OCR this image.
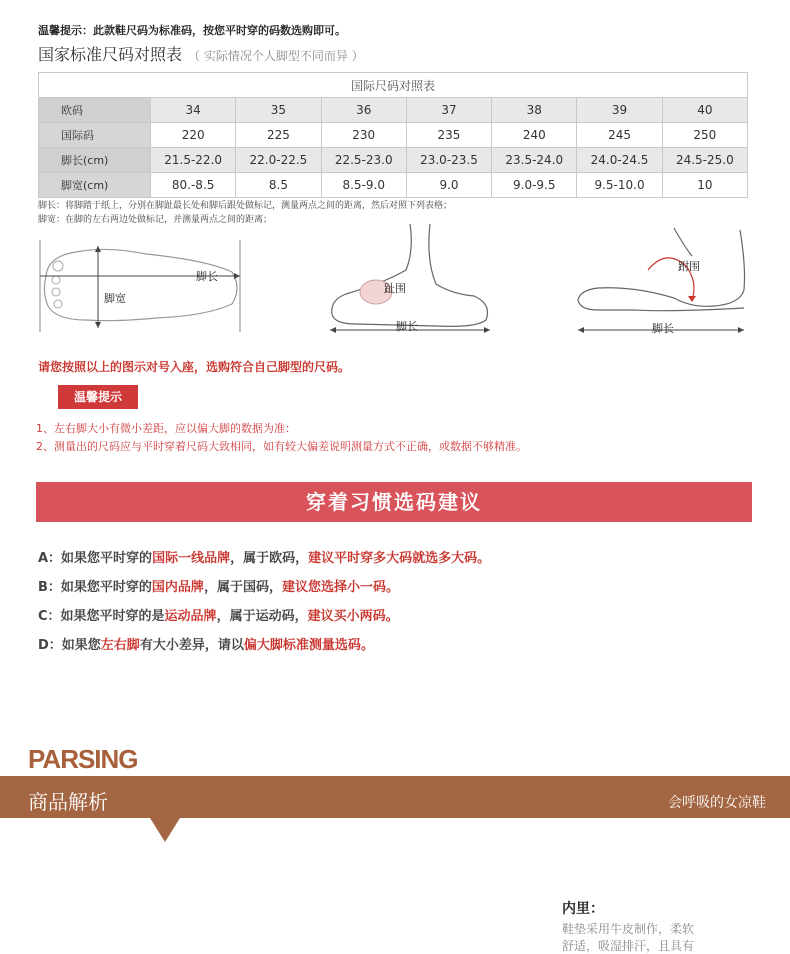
温馨提示：此款鞋尺码为标准码，按您平时穿的码数选购即可。
国家标准尺码对照表 （ 实际情况个人脚型不同而异 ）
国际尺码对照表							
欧码	34	35	36	37	38	39	40
国际码	220	225	230	235	240	245	250
脚长(cm)	21.5-22.0	22.0-22.5	22.5-23.0	23.0-23.5	23.5-24.0	24.0-24.5	24.5-25.0
脚宽(cm)	80.-8.5	8.5	8.5-9.0	9.0	9.0-9.5	9.5-10.0	10
脚长：将脚踏于纸上，分别在脚趾最长处和脚后跟处做标记，测量两点之间的距离，然后对照下列表格；
脚宽：在脚的左右两边处做标记，并测量两点之间的距离；
脚长
脚宽
趾围
脚长
跗围
脚长
请您按照以上的图示对号入座，选购符合自己脚型的尺码。
温馨提示
1、左右脚大小有微小差距，应以偏大脚的数据为准：
2、测量出的尺码应与平时穿着尺码大致相同，如有较大偏差说明测量方式不正确，或数据不够精准。
穿着习惯选码建议
A：如果您平时穿的国际一线品牌，属于欧码，建议平时穿多大码就选多大码。
B：如果您平时穿的国内品牌，属于国码，建议您选择小一码。
C：如果您平时穿的是运动品牌，属于运动码，建议买小两码。
D：如果您左右脚有大小差异，请以偏大脚标准测量选码。
PARSING
商品解析	会呼吸的女凉鞋
内里：
鞋垫采用牛皮制作，柔软
舒适，吸湿排汗，且具有
